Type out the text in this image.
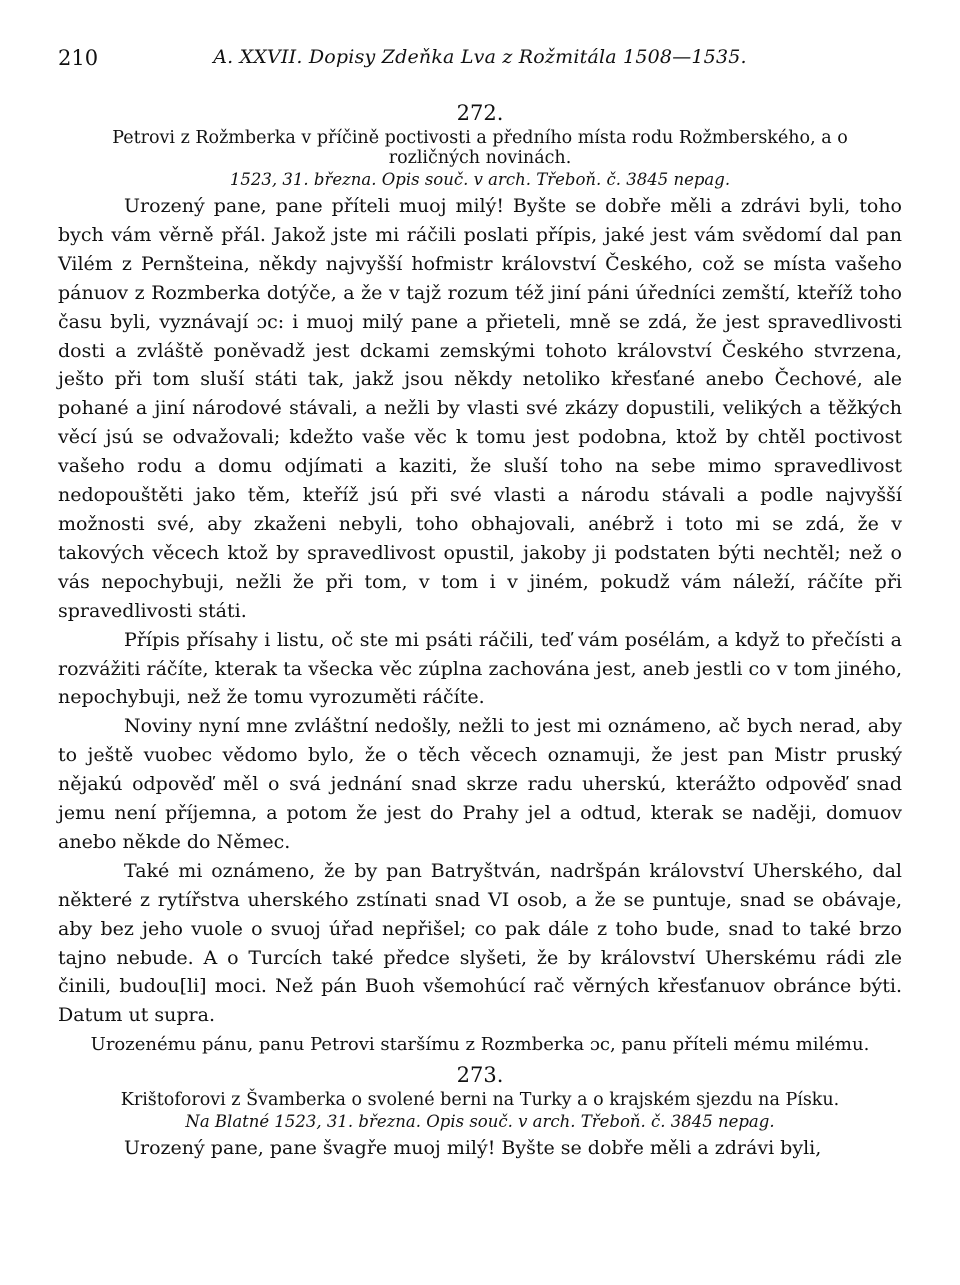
210	A. XXVII. Dopisy Zdeňka Lva z Rožmitála 1508—1535.
272.
Petrovi z Rožmberka v příčině poctivosti a předního místa rodu Rožmberského, a o rozličných novinách.
1523, 31. března. Opis souč. v arch. Třeboň. č. 3845 nepag.

Urozený pane, pane příteli muoj milý! Byšte se dobře měli a zdrávi byli, toho bych vám věrně přál. Jakož jste mi ráčili poslati přípis, jaké jest vám svědomí dal pan Vilém z Pernšteina, někdy najvyšší hofmistr království Českého, což se místa vašeho pánuov z Rozmberka dotýče, a že v tajž rozum též jiní páni úředníci zemští, kteříž toho času byli, vyznávají ɔc: i muoj milý pane a přieteli, mně se zdá, že jest spravedlivosti dosti a zvláště poněvadž jest dckami zemskými tohoto království Českého stvrzena, ješto při tom sluší státi tak, jakž jsou někdy netoliko křesťané anebo Čechové, ale pohané a jiní národové stávali, a nežli by vlasti své zkázy dopustili, velikých a těžkých věcí jsú se odvažovali; kdežto vaše věc k tomu jest podobna, ktož by chtěl poctivost vašeho rodu a domu odjímati a kaziti, že sluší toho na sebe mimo spravedlivost nedopouštěti jako těm, kteříž jsú při své vlasti a národu stávali a podle najvyšší možnosti své, aby zkaženi nebyli, toho obhajovali, anébrž i toto mi se zdá, že v takových věcech ktož by spravedlivost opustil, jakoby ji podstaten býti nechtěl; než o vás nepochybuji, nežli že při tom, v tom i v jiném, pokudž vám náleží, ráčíte při spravedlivosti státi.

Přípis přísahy i listu, oč ste mi psáti ráčili, teď vám posélám, a když to přečísti a rozvážiti ráčíte, kterak ta všecka věc zúplna zachována jest, aneb jestli co v tom jiného, nepochybuji, než že tomu vyrozuměti ráčíte.

Noviny nyní mne zvláštní nedošly, nežli to jest mi oznámeno, ač bych nerad, aby to ještě vuobec vědomo bylo, že o těch věcech oznamuji, že jest pan Mistr pruský nějakú odpověď měl o svá jednání snad skrze radu uherskú, kterážto odpověď snad jemu není příjemna, a potom že jest do Prahy jel a odtud, kterak se naději, domuov anebo někde do Němec.

Také mi oznámeno, že by pan Batryštván, nadršpán království Uherského, dal některé z rytířstva uherského zstínati snad VI osob, a že se puntuje, snad se obávaje, aby bez jeho vuole o svuoj úřad nepřišel; co pak dále z toho bude, snad to také brzo tajno nebude. A o Turcích také předce slyšeti, že by království Uherskému rádi zle činili, budou[li] moci. Než pán Buoh všemohúcí rač věrných křesťanuov obránce býti. Datum ut supra.

Urozenému pánu, panu Petrovi staršímu z Rozmberka ɔc, panu příteli mému milému.
273.
Krištoforovi z Švamberka o svolené berni na Turky a o krajském sjezdu na Písku.
Na Blatné 1523, 31. března. Opis souč. v arch. Třeboň. č. 3845 nepag.

Urozený pane, pane švagře muoj milý! Byšte se dobře měli a zdrávi byli,
